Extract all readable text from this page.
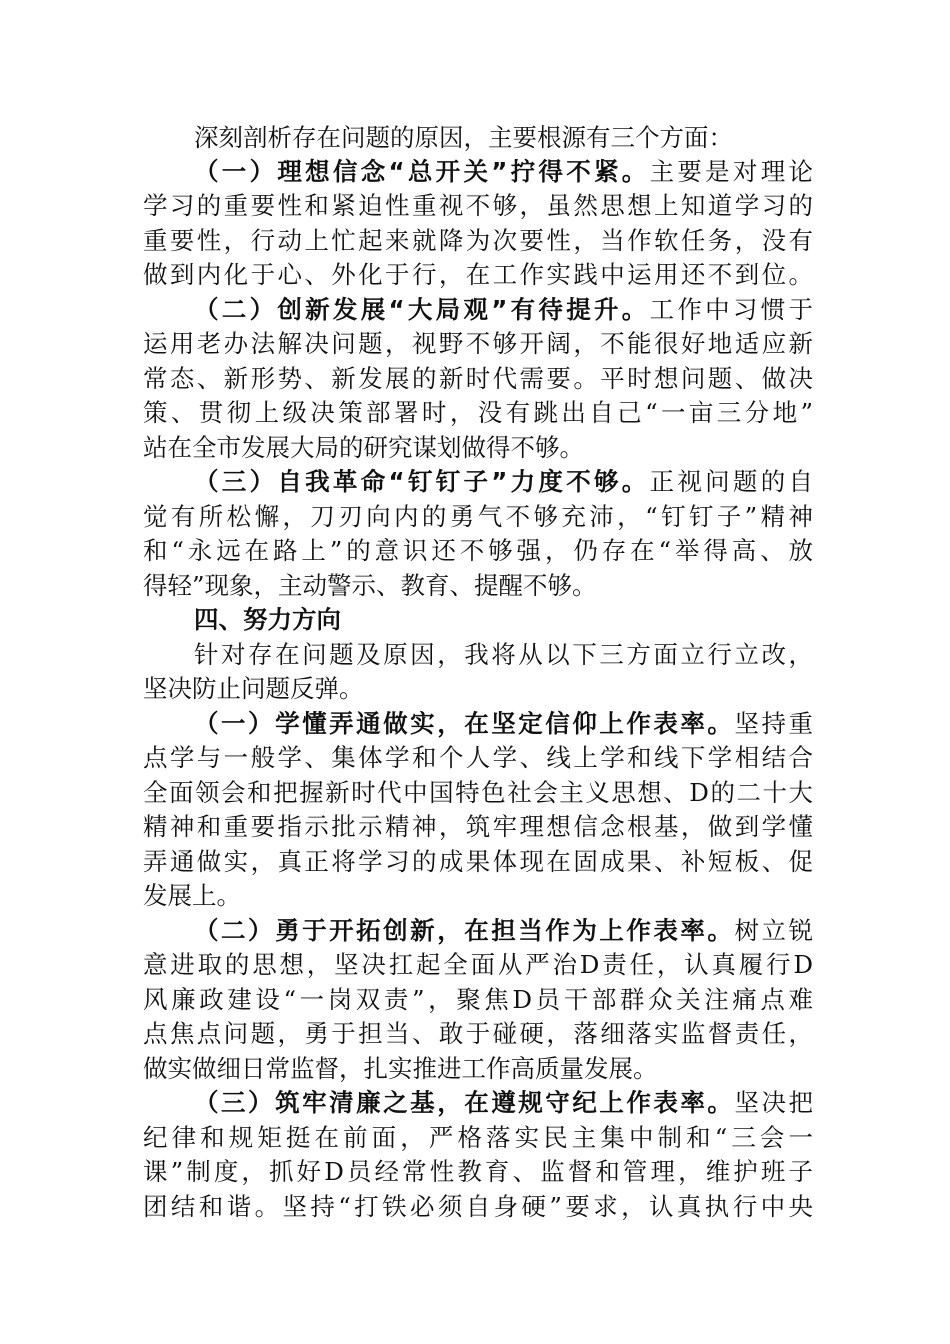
深刻剖析存在问题的原因，主要根源有三个方面：
（一）理想信念“总开关”拧得不紧。主要是对理论
学习的重要性和紧迫性重视不够，虽然思想上知道学习的
重要性，行动上忙起来就降为次要性，当作软任务，没有
做到内化于心、外化于行，在工作实践中运用还不到位。
（二）创新发展“大局观”有待提升。工作中习惯于
运用老办法解决问题，视野不够开阔，不能很好地适应新
常态、新形势、新发展的新时代需要。平时想问题、做决
策、贯彻上级决策部署时，没有跳出自己“一亩三分地”
站在全市发展大局的研究谋划做得不够。
（三）自我革命“钉钉子”力度不够。正视问题的自
觉有所松懈，刀刃向内的勇气不够充沛，“钉钉子”精神
和“永远在路上”的意识还不够强，仍存在“举得高、放
得轻”现象，主动警示、教育、提醒不够。
四、努力方向
针对存在问题及原因，我将从以下三方面立行立改，
坚决防止问题反弹。
（一）学懂弄通做实，在坚定信仰上作表率。坚持重
点学与一般学、集体学和个人学、线上学和线下学相结合
全面领会和把握新时代中国特色社会主义思想、D的二十大
精神和重要指示批示精神，筑牢理想信念根基，做到学懂
弄通做实，真正将学习的成果体现在固成果、补短板、促
发展上。
（二）勇于开拓创新，在担当作为上作表率。树立锐
意进取的思想，坚决扛起全面从严治D责任，认真履行D
风廉政建设“一岗双责”，聚焦D员干部群众关注痛点难
点焦点问题，勇于担当、敢于碰硬，落细落实监督责任，
做实做细日常监督，扎实推进工作高质量发展。
（三）筑牢清廉之基，在遵规守纪上作表率。坚决把
纪律和规矩挺在前面，严格落实民主集中制和“三会一
课”制度，抓好D员经常性教育、监督和管理，维护班子
团结和谐。坚持“打铁必须自身硬”要求，认真执行中央
